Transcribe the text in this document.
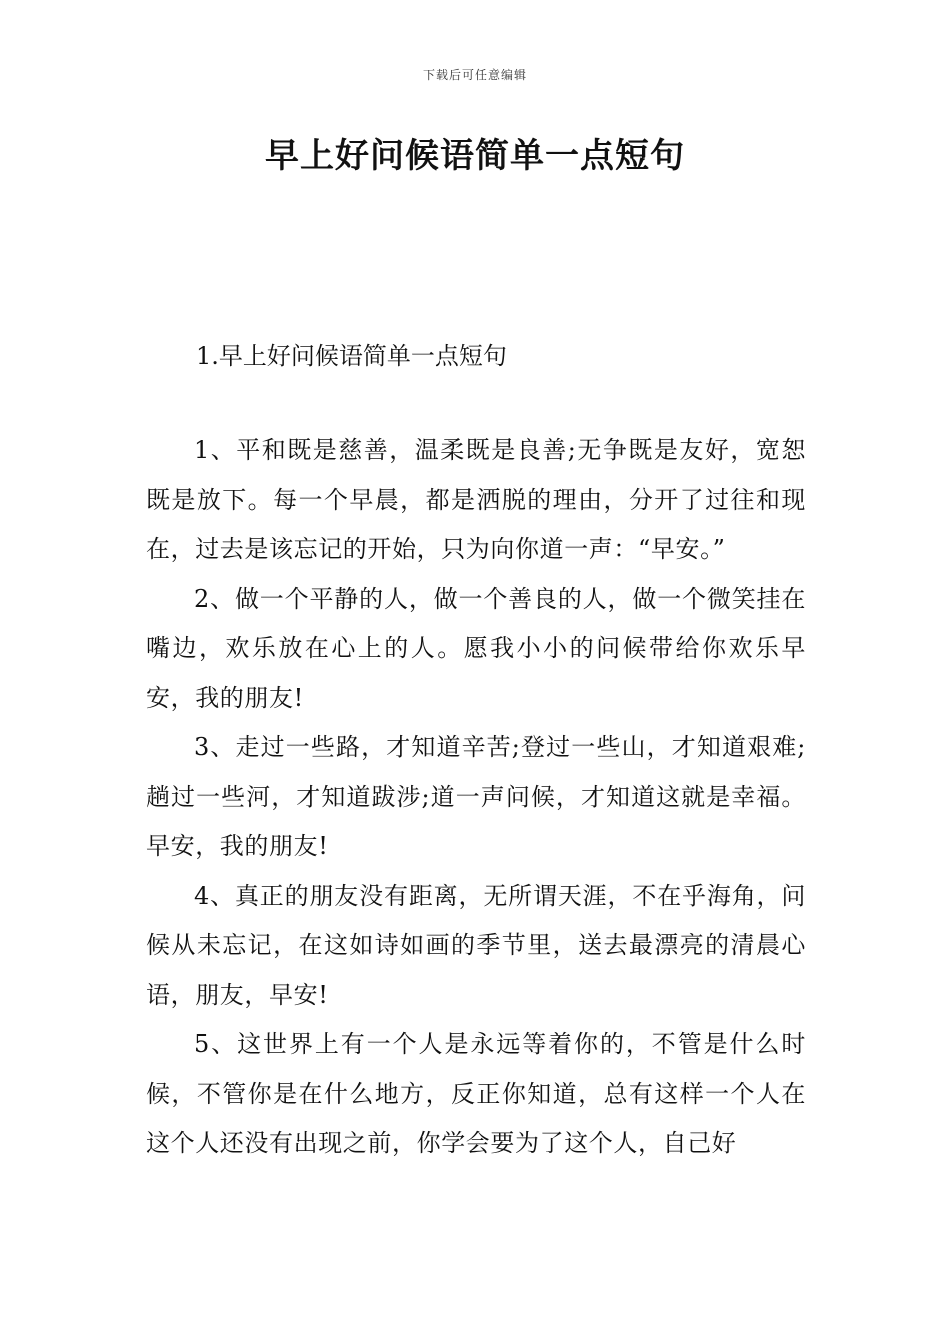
下载后可任意编辑
早上好问候语简单一点短句
1.早上好问候语简单一点短句

1、平和既是慈善，温柔既是良善;无争既是友好，宽恕既是放下。每一个早晨，都是洒脱的理由，分开了过往和现在，过去是该忘记的开始，只为向你道一声：“早安。”

2、做一个平静的人，做一个善良的人，做一个微笑挂在嘴边，欢乐放在心上的人。愿我小小的问候带给你欢乐早安，我的朋友!

3、走过一些路，才知道辛苦;登过一些山，才知道艰难;趟过一些河，才知道跋涉;道一声问候，才知道这就是幸福。早安，我的朋友!

4、真正的朋友没有距离，无所谓天涯，不在乎海角，问候从未忘记，在这如诗如画的季节里，送去最漂亮的清晨心语，朋友，早安!

5、这世界上有一个人是永远等着你的，不管是什么时候，不管你是在什么地方，反正你知道，总有这样一个人在这个人还没有出现之前，你学会要为了这个人，自己好
